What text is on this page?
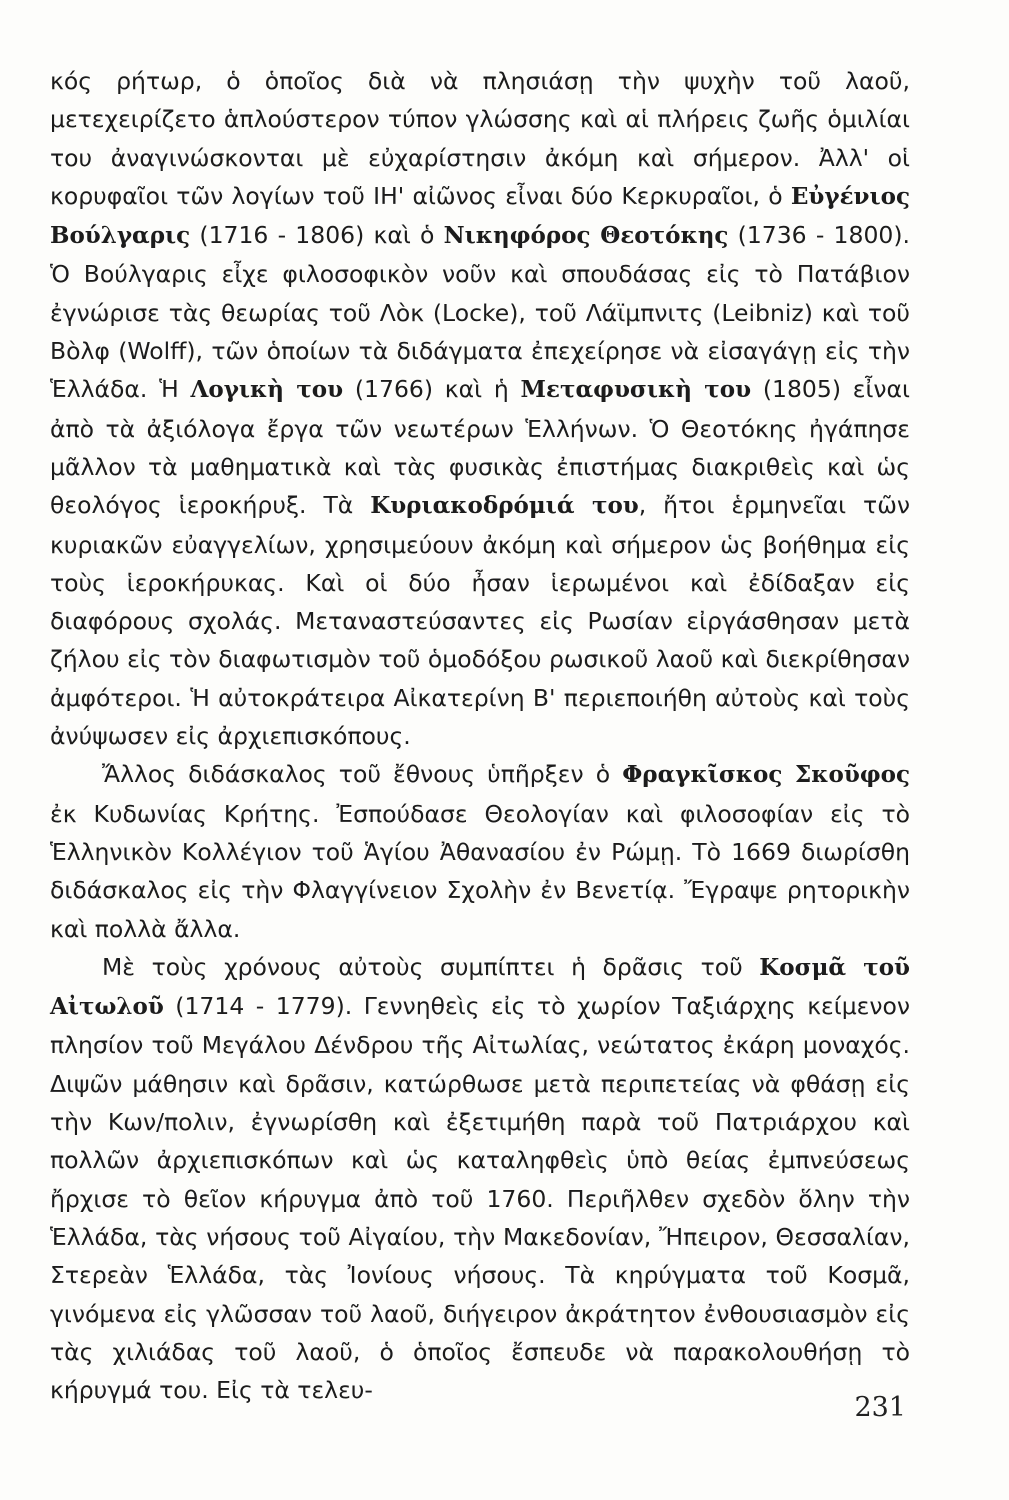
κός ρήτωρ, ὁ ὁποῖος διὰ νὰ πλησιάσῃ τὴν ψυχὴν τοῦ λαοῦ, μετεχειρίζετο ἁπλούστερον τύπον γλώσσης καὶ αἱ πλήρεις ζωῆς ὁμιλίαι του ἀναγινώσκονται μὲ εὐχαρίστησιν ἀκόμη καὶ σήμερον. Ἀλλ' οἱ κορυφαῖοι τῶν λογίων τοῦ ΙΗ' αἰῶνος εἶναι δύο Κερκυραῖοι, ὁ Εὐγένιος Βούλγαρις (1716 - 1806) καὶ ὁ Νικηφόρος Θεοτόκης (1736 - 1800). Ὁ Βούλγαρις εἶχε φιλοσοφικὸν νοῦν καὶ σπουδάσας εἰς τὸ Πατάβιον ἐγνώρισε τὰς θεωρίας τοῦ Λὸκ (Locke), τοῦ Λάϊμπνιτς (Leibniz) καὶ τοῦ Βὸλφ (Wolff), τῶν ὁποίων τὰ διδάγματα ἐπεχείρησε νὰ εἰσαγάγῃ εἰς τὴν Ἑλλάδα. Ἡ Λογικὴ του (1766) καὶ ἡ Μεταφυσικὴ του (1805) εἶναι ἀπὸ τὰ ἀξιόλογα ἔργα τῶν νεωτέρων Ἑλλήνων. Ὁ Θεοτόκης ἠγάπησε μᾶλλον τὰ μαθηματικὰ καὶ τὰς φυσικὰς ἐπιστήμας διακριθεὶς καὶ ὡς θεολόγος ἱεροκήρυξ. Τὰ Κυριακοδρόμιά του, ἤτοι ἑρμηνεῖαι τῶν κυριακῶν εὐαγγελίων, χρησιμεύουν ἀκόμη καὶ σήμερον ὡς βοήθημα εἰς τοὺς ἱεροκήρυκας. Καὶ οἱ δύο ἦσαν ἱερωμένοι καὶ ἐδίδαξαν εἰς διαφόρους σχολάς. Μεταναστεύσαντες εἰς Ρωσίαν εἰργάσθησαν μετὰ ζήλου εἰς τὸν διαφωτισμὸν τοῦ ὁμοδόξου ρωσικοῦ λαοῦ καὶ διεκρίθησαν ἀμφότεροι. Ἡ αὐτοκράτειρα Αἰκατερίνη Β' περιεποιήθη αὐτοὺς καὶ τοὺς ἀνύψωσεν εἰς ἀρχιεπισκόπους.

Ἄλλος διδάσκαλος τοῦ ἔθνους ὑπῆρξεν ὁ Φραγκῖσκος Σκοῦφος ἐκ Κυδωνίας Κρήτης. Ἐσπούδασε Θεολογίαν καὶ φιλοσοφίαν εἰς τὸ Ἑλληνικὸν Κολλέγιον τοῦ Ἁγίου Ἀθανασίου ἐν Ρώμῃ. Τὸ 1669 διωρίσθη διδάσκαλος εἰς τὴν Φλαγγίνειον Σχολὴν ἐν Βενετίᾳ. Ἔγραψε ρητορικὴν καὶ πολλὰ ἄλλα.

Μὲ τοὺς χρόνους αὐτοὺς συμπίπτει ἡ δρᾶσις τοῦ Κοσμᾶ τοῦ Αἰτωλοῦ (1714 - 1779). Γεννηθεὶς εἰς τὸ χωρίον Ταξιάρχης κείμενον πλησίον τοῦ Μεγάλου Δένδρου τῆς Αἰτωλίας, νεώτατος ἐκάρη μοναχός. Διψῶν μάθησιν καὶ δρᾶσιν, κατώρθωσε μετὰ περιπετείας νὰ φθάσῃ εἰς τὴν Κων/πολιν, ἐγνωρίσθη καὶ ἐξετιμήθη παρὰ τοῦ Πατριάρχου καὶ πολλῶν ἀρχιεπισκόπων καὶ ὡς καταληφθεὶς ὑπὸ θείας ἐμπνεύσεως ἤρχισε τὸ θεῖον κήρυγμα ἀπὸ τοῦ 1760. Περιῆλθεν σχεδὸν ὅλην τὴν Ἑλλάδα, τὰς νήσους τοῦ Αἰγαίου, τὴν Μακεδονίαν, Ἤπειρον, Θεσσαλίαν, Στερεὰν Ἑλλάδα, τὰς Ἰονίους νήσους. Τὰ κηρύγματα τοῦ Κοσμᾶ, γινόμενα εἰς γλῶσσαν τοῦ λαοῦ, διήγειρον ἀκράτητον ἐνθουσιασμὸν εἰς τὰς χιλιάδας τοῦ λαοῦ, ὁ ὁποῖος ἔσπευδε νὰ παρακολουθήσῃ τὸ κήρυγμά του. Εἰς τὰ τελευ-

231
